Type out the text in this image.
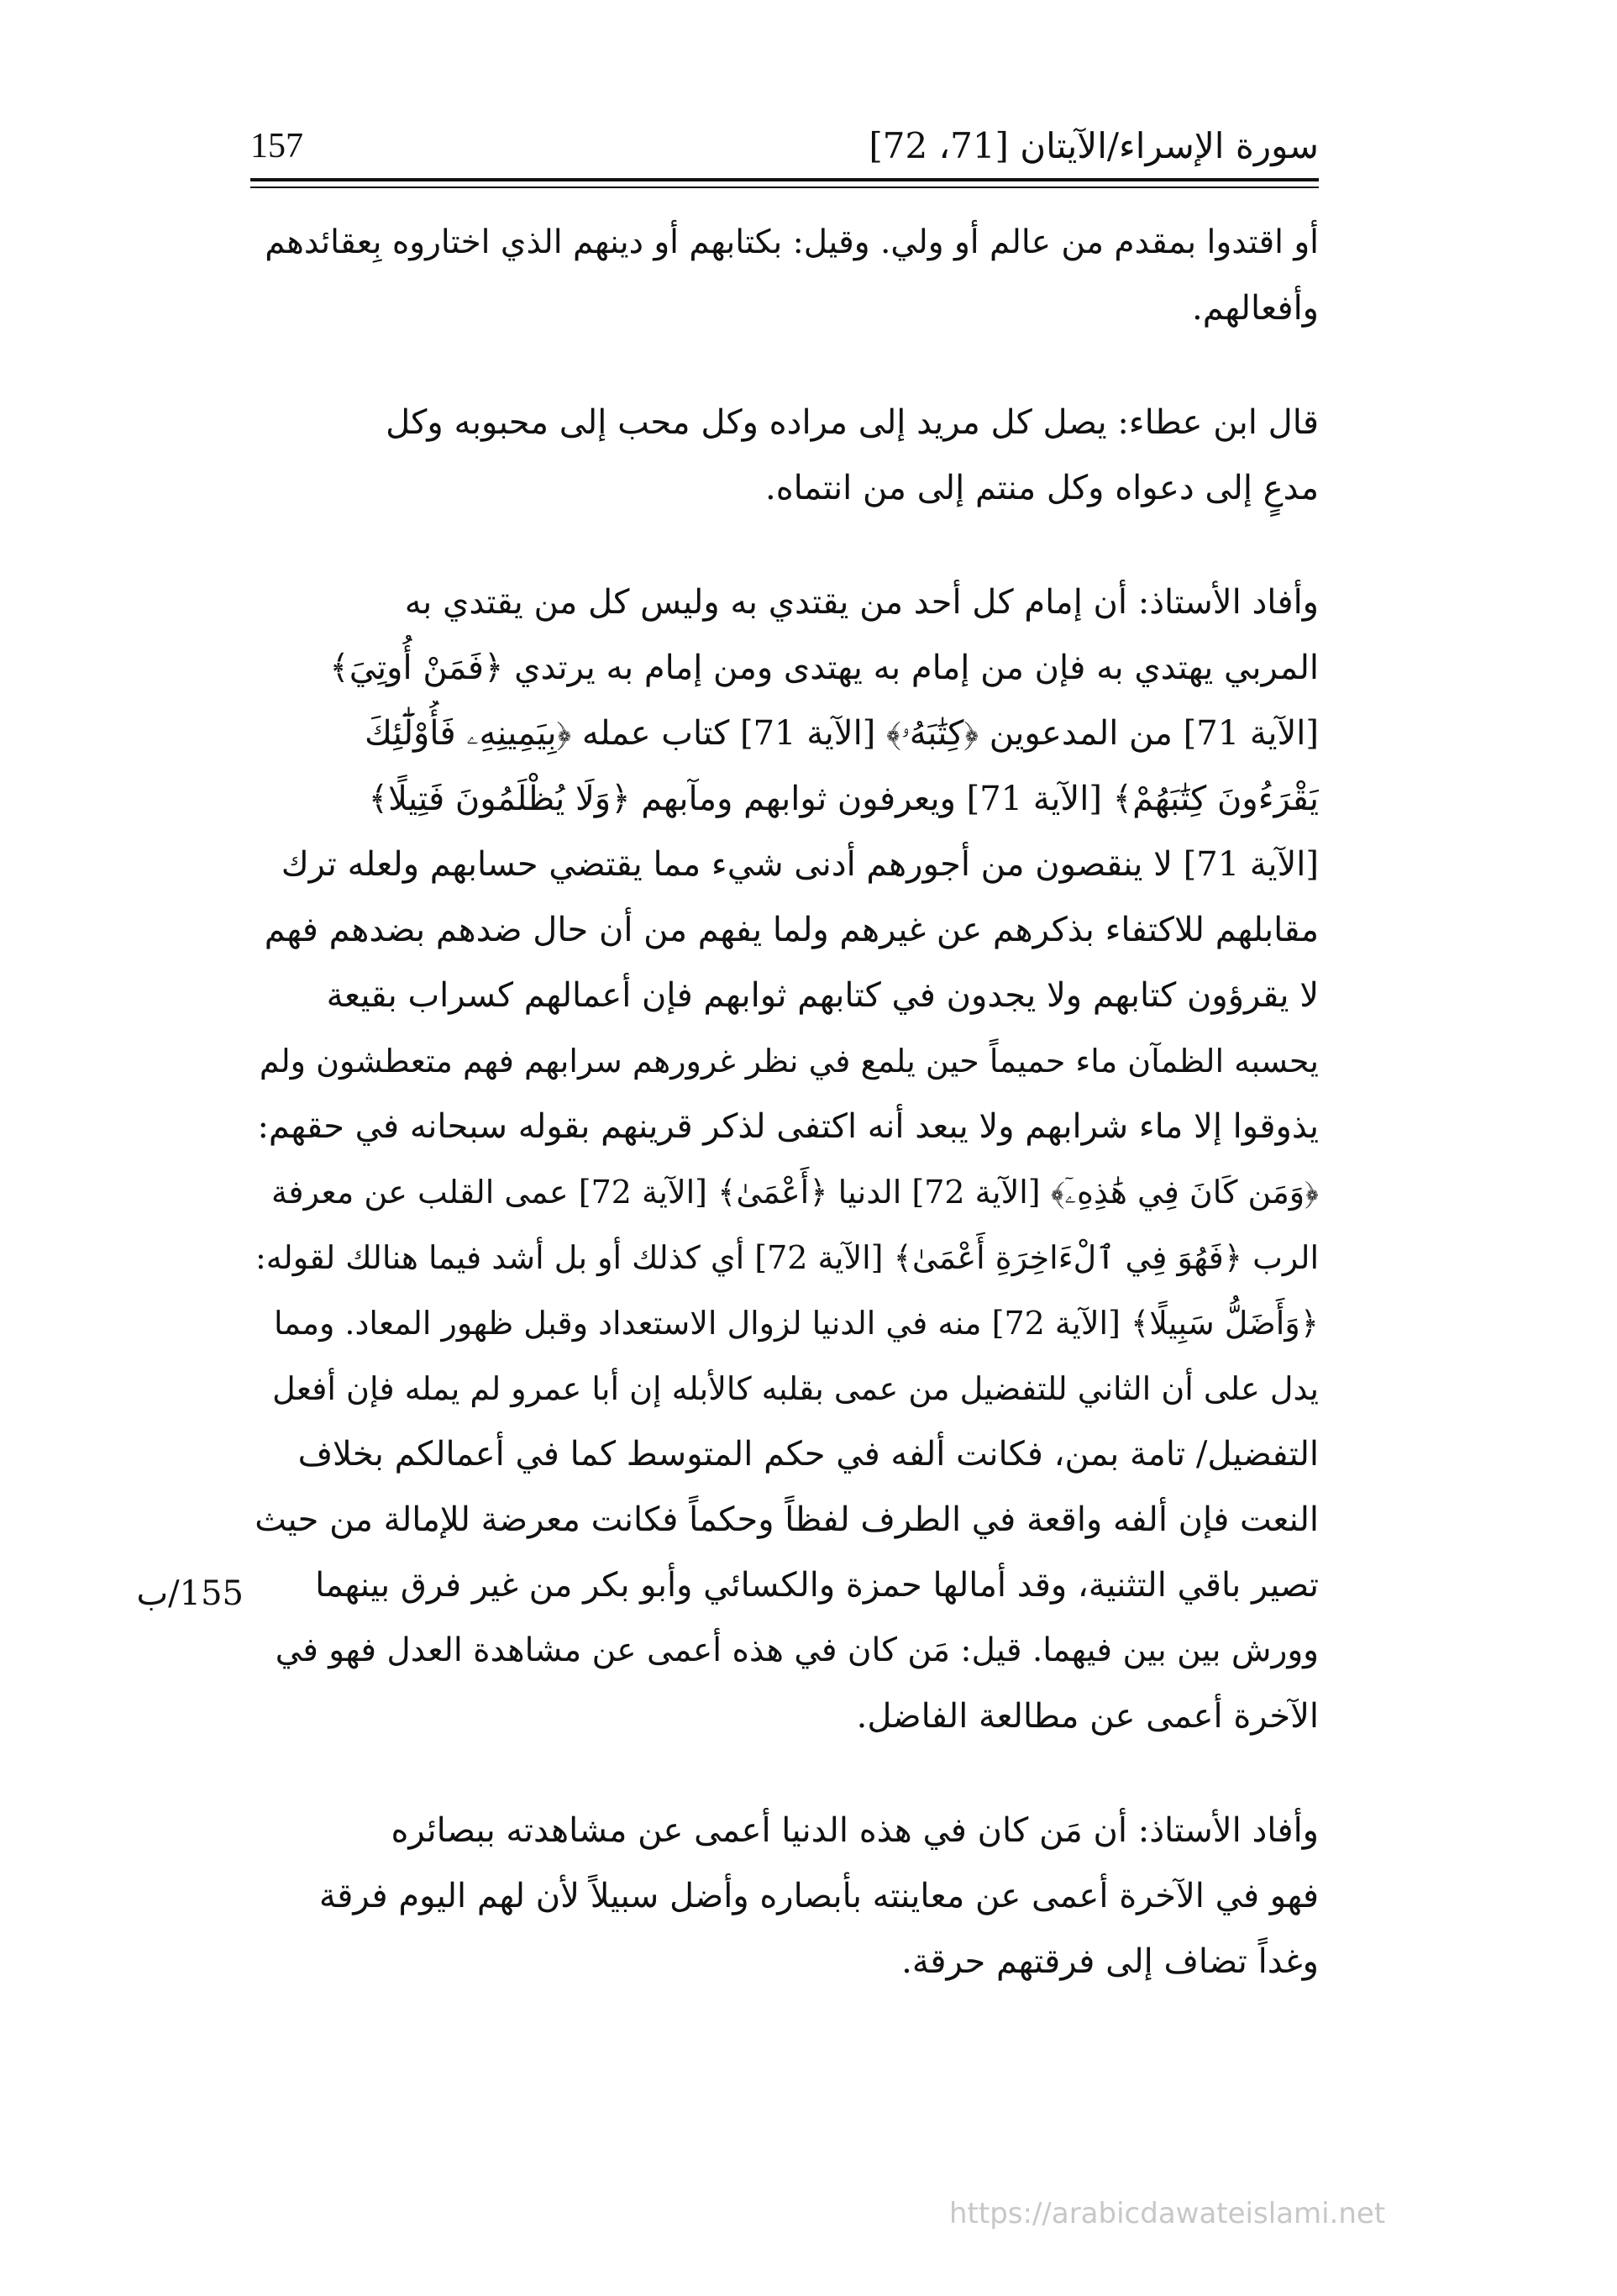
سورة الإسراء/الآيتان [71، 72]
157
أو اقتدوا بمقدم من عالم أو ولي. وقيل: بكتابهم أو دينهم الذي اختاروه بِعقائدهم
وأفعالهم.
قال ابن عطاء: يصل كل مريد إلى مراده وكل محب إلى محبوبه وكل
مدعٍ إلى دعواه وكل منتم إلى من انتماه.
وأفاد الأستاذ: أن إمام كل أحد من يقتدي به وليس كل من يقتدي به
المربي يهتدي به فإن من إمام به يهتدى ومن إمام به يرتدي ﴿فَمَنْ أُوتِيَ﴾
[الآية 71] من المدعوين ﴿كِتَٰبَهُۥ﴾ [الآية 71] كتاب عمله ﴿بِيَمِينِهِۦ فَأُوْلَٰٓئِكَ
يَقْرَءُونَ كِتَٰبَهُمْ﴾ [الآية 71] ويعرفون ثوابهم ومآبهم ﴿وَلَا يُظْلَمُونَ فَتِيلًا﴾
[الآية 71] لا ينقصون من أجورهم أدنى شيء مما يقتضي حسابهم ولعله ترك
مقابلهم للاكتفاء بذكرهم عن غيرهم ولما يفهم من أن حال ضدهم بضدهم فهم
لا يقرؤون كتابهم ولا يجدون في كتابهم ثوابهم فإن أعمالهم كسراب بقيعة
يحسبه الظمآن ماء حميماً حين يلمع في نظر غرورهم سرابهم فهم متعطشون ولم
يذوقوا إلا ماء شرابهم ولا يبعد أنه اكتفى لذكر قرينهم بقوله سبحانه في حقهم:
﴿وَمَن كَانَ فِي هَٰذِهِۦٓ﴾ [الآية 72] الدنيا ﴿أَعْمَىٰ﴾ [الآية 72] عمى القلب عن معرفة
الرب ﴿فَهُوَ فِي ٱلْءَاخِرَةِ أَعْمَىٰ﴾ [الآية 72] أي كذلك أو بل أشد فيما هنالك لقوله:
﴿وَأَضَلُّ سَبِيلًا﴾ [الآية 72] منه في الدنيا لزوال الاستعداد وقبل ظهور المعاد. ومما
يدل على أن الثاني للتفضيل من عمى بقلبه كالأبله إن أبا عمرو لم يمله فإن أفعل
التفضيل/ تامة بمن، فكانت ألفه في حكم المتوسط كما في أعمالكم بخلاف
النعت فإن ألفه واقعة في الطرف لفظاً وحكماً فكانت معرضة للإمالة من حيث
تصير باقي التثنية، وقد أمالها حمزة والكسائي وأبو بكر من غير فرق بينهما
وورش بين بين فيهما. قيل: مَن كان في هذه أعمى عن مشاهدة العدل فهو في
الآخرة أعمى عن مطالعة الفاضل.
وأفاد الأستاذ: أن مَن كان في هذه الدنيا أعمى عن مشاهدته ببصائره
فهو في الآخرة أعمى عن معاينته بأبصاره وأضل سبيلاً لأن لهم اليوم فرقة
وغداً تضاف إلى فرقتهم حرقة.
155/ب
https://arabicdawateislami.net
